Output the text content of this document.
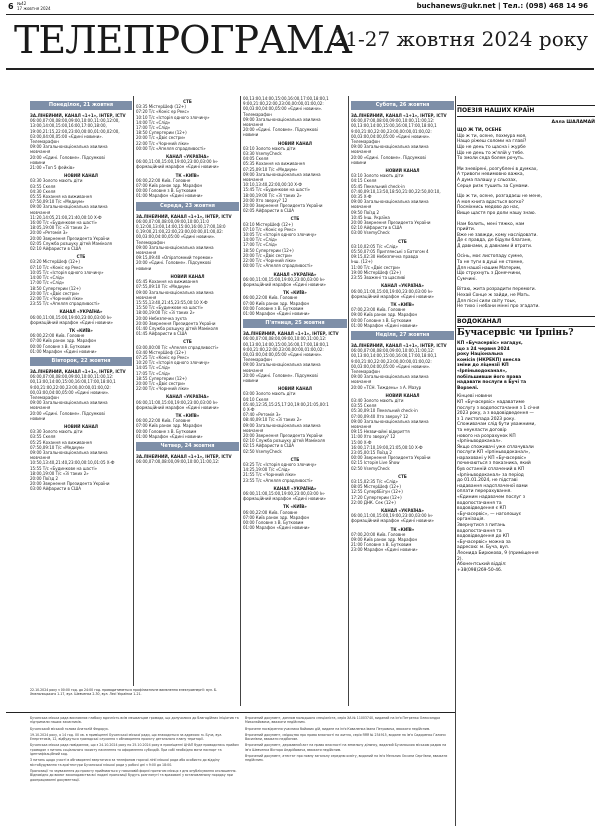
6 №42
17 жовтня 2024	buchanews@ukr.net | Тел.: (098) 468 14 96
ТЕЛЕПРОГРАМА
21-27 жовтня 2024 року
Понеділок, 21 жовтня
ЗА.ЛІНЕЙНИЙ, КАНАЛ «1+1», ІНТЕР, ICTV
06:00,07:00,08:00,09:00,10:00,11:00,12:00,
13:00,14:00,15:00,16:00,17:00,18:00,
19:00,21:15,22:00,23:00,00:00,01:00,02:00,
03:00,04:00,05:00 «Єдині новини».
Телемарафон
09:00 Загальнонаціональна хвилина
мовчання
20:00 «Єдині. Головне». Підсумкові
новини
21:00 «Топ 5 фейків»
НОВИЙ КАНАЛ
03:30 Золото мають діти
03:55 Скеля
04:30 Скеля
05:55 Кохання на виживання
07:50,09:10 Т/с «Медиум»
09:00 Загальнонаціональна хвилина
мовчання
11:20,14:05,21:00,21:40,00:10 Х-Ф
16:00 Т/с «Будинкове на шасті»
18:05,19:00 Т/с «Зі таких 2»
20:00 «Ретомія 3»
20:00 Звернення Президента України
02:05 Служба розшуку дітей Маміколя
02:10 Айфаристи в США
СТБ
03:20 МістерШеф (12+)
07:10 Т/с «Коніс ер Рекс»
10:05 Т/с «Історія одного злочину»
14:00 Т/с «Слід»
17:00 Т/с «Слід»
18:50 Супергерии (12+)
20:00 Т/с «Двіє сестри»
22:00 Т/с «Чорнний ліки»
23:55 Т/с «Апелля спрадливості»
КАНАЛ «УКРАЇНА»
06:00,11:00,15:00,19:00,23:00,03:00 Ін-
формаційний марафон «Єдині новини»
ТК «КИЇВ»
06:00,22:00 Київ. Головне
07:00 Київ ранок здр. Марафон
00:00 Головне з В. Бутковим
01:00 Марафон «Єдині новини»
Вівторок, 22 жовтня
ЗА.ЛІНЕЙНИЙ, КАНАЛ «1+1», ІНТЕР, ICTV
06:00,07:00,08:00,09:00,10:00,11:00,12:
00,13:00,14:00,15:00,16:00,17:00,18:00,1
9:00,21:00,22:00,23:00,00:00,01:00,02:
00,03:00,04:00,05:00 «Єдині новини».
Телемарафон
09:00 Загальнонаціональна хвилина
мовчання
20:00 «Єдині. Головне». Підсумкові
новини
НОВИЙ КАНАЛ
03:30 Золото мають діти
03:55 Скеля
05:25 Кохання на виживання
07:50,09:10 Т/с «Медиум»
09:00 Загальнонаціональна хвилина
мовчання
10:50,13:40,21:40,23:00,00:10,01:05 Х-Ф
15:55 Т/с «Будинкове на шасті»
18:00,19:00 Т/с «Зі таких 2»
20:00 Поїзд 2
20:00 Звернення Президента України
03:00 Айфаристи в США
22.10.2024 року з 00:00 год. до 24:00 год. проводитиметься профілактичне вимкнення електроенергії: вул. Б. Хмельницького 1-17, вул. Шевченка 2-30, вул. Лесі Українки 1-21.
СТБ
03:35 МістерШеф (12+)
07:20 Т/с «Коніс ер Рекс»
10:10 Т/с «Історія одного злочину»
14:00 Т/с «Слід»
17:00 Т/с «Слід»
18:50 Супергерии (12+)
20:00 Т/с «Двіє сестри»
22:00 Т/с «Чорнний ліки»
00:00 Т/с «Апелля спрадливості»
КАНАЛ «УКРАЇНА»
06:00,11:00,15:00,19:00,23:00,03:00 Ін-
формаційний марафон «Єдині новини»
ТК «КИЇВ»
06:00,22:00 Київ. Головне
07:00 Київ ранок здр. Марафон
00:00 Головне з В. Бутковим
01:00 Марафон «Єдині новини»
Середа, 23 жовтня
ЗА.ЛІНЕЙНИЙ, КАНАЛ «1+1», ІНТЕР, ICTV
06:00,07:00,08:00,09:00,10:00,11:0
0,12:00,13:00,14:00,15:00,16:00,17:00,18:0
0,19:00,21:00,22:00,23:00,00:00,01:00,02:
00,03:00,04:00,05:00 «Єдині новини».
Телемарафон
09:00 Загальнонаціональна хвилина
мовчання
09:15,09:40 «Опіратомний теремок»
20:00 «Єдині. Головне». Підсумкові
новини
НОВИЙ КАНАЛ
05:45 Кохання на виживання
07:55,09:10 Т/с «Медиум»
09:00 Загальнонаціональна хвилина
мовчання
15:55,13:40,21:45,23:55,00:10 Х-Ф
15:50 Т/с «Будинкове на шасті»
18:00,19:00 Т/с «Зі таких 2»
20:00 Небезпечна зухта
20:00 Звернення Президента України
01:40 Служба розшуку дітей Маміколя
01:45 Айфаристи в США
СТБ
03:00,00:00 Т/с «Апелля спрадливості»
03:40 МістерШеф (12+)
07:25 Т/с «Коніс ер Рекс»
10:20 Т/с «Історія одного злочину»
14:05 Т/с «Слід»
17:05 Т/с «Слід»
18:55 Супергерии (12+)
20:00 Т/с «Двіє сестри»
22:00 Т/с «Чорнний ліки»
КАНАЛ «УКРАЇНА»
06:00,11:00,15:00,19:00,23:00,03:00 Ін-
формаційний марафон «Єдині новини»
ТК «КИЇВ»
06:00,22:00 Київ. Головне
07:00 Київ ранок здр. Марафон
00:00 Головне з В. Бутковим
01:00 Марафон «Єдині новини»
Четвер, 24 жовтня
ЗА.ЛІНЕЙНИЙ, КАНАЛ «1+1», ІНТЕР, ICTV
06:00,07:00,08:00,09:00,10:00,11:00,12:
00,13:00,14:00,15:00,16:00,17:00,18:00,1
9:00,21:00,22:00,23:00,00:00,01:00,02:
00,03:00,04:00,05:00 «Єдині новини».
Телемарафон
09:00 Загальнонаціональна хвилина
мовчання
20:00 «Єдині. Головне». Підсумкові
новини
НОВИЙ КАНАЛ
03:10 Золото мають діти
03:30 VsemyCheck
04:05 Скеля
05:35 Кохання на виживання
07:25,09:10 Т/с «Медиум»
09:00 Загальнонаціональна хвилина
мовчання
10:10,13:40,22:00,00:10 Х-Ф
15:45 Т/с «Будинкове на шасті»
18:00,19:00 Т/с «Зі таких 2»
20:00 Хто зверху? 12
20:00 Звернення Президента України
02:05 Айфаристи в США
СТБ
03:10 МістерШеф (12+)
07:10 Т/с «Коніс ер Рекс»
10:05 Т/с «Історія одного злочину»
14:00 Т/с «Слід»
17:00 Т/с «Слід»
18:50 Супергерии (12+)
20:00 Т/с «Двіє сестри»
22:00 Т/с «Чорнний ліки»
00:00 Т/с «Апелля спрадливості»
КАНАЛ «УКРАЇНА»
06:00,11:00,15:00,19:00,23:00,03:00 Ін-
формаційний марафон «Єдині новини»
ТК «КИЇВ»
06:00,22:00 Київ. Головне
07:00 Київ ранок здр. Марафон
00:00 Головне з В. Бутковим
01:00 Марафон «Єдині новини»
П'ятниця, 25 жовтня
ЗА.ЛІНЕЙНИЙ, КАНАЛ «1+1», ІНТЕР, ICTV
06:00,07:00,08:00,09:00,10:00,11:00,12:
00,13:00,14:00,15:00,16:00,17:00,18:00,1
9:00,21:00,22:00,23:00,00:00,01:00,02:
00,03:00,04:00,05:00 «Єдині новини».
Телемарафон
09:00 Загальнонаціональна хвилина
мовчання
20:00 «Єдині. Головне». Підсумкові
новини
НОВИЙ КАНАЛ
03:00 Золото мають діти
04:10 Скеля
05:40,12:35,15:25,17:20,19:00,21:05,00:1
0 Х-Ф
07:40 «Ретомія 3»
08:40,09:10 Т/с «Зі таких 2»
09:00 Загальнонаціональна хвилина
мовчання
20:00 Звернення Президента України
02:10 Служба розшуку дітей Маміколя
02:15 Айфаристи в США
02:50 VsemyCheck
СТБ
03:25 Т/с «Історія одного злочину»
14:25,19:00 Т/с «Слід»
21:55 Т/с «Чорнний ліки»
23:55 Т/с «Апелля спрадливості»
КАНАЛ «УКРАЇНА»
06:00,11:00,15:00,19:00,23:00,03:00 Ін-
формаційний марафон «Єдині новини»
ТК «КИЇВ»
06:00,22:00 Київ. Головне
07:00 Київ ранок здр. Марафон
00:00 Головне з В. Бутковим
01:00 Марафон «Єдині новини»
Субота, 26 жовтня
ЗА.ЛІНЕЙНИЙ, КАНАЛ «1+1», ІНТЕР, ICTV
06:00,07:00,08:00,09:00,10:00,11:00,12:
00,13:00,14:00,15:00,16:00,17:00,18:00,1
9:00,21:00,22:00,23:00,00:00,01:00,02:
00,03:00,04:00,05:00 «Єдині новини».
Телемарафон
09:00 Загальнонаціональна хвилина
мовчання
20:00 «Єдині. Головне». Підсумкові
новини
НОВИЙ КАНАЛ
03:10 Золото мають діти
04:15 Скеля
05:45 Пекельний check-in
07:40,09:10,13:50,18:50,21:00,22:50,00:10,
00:35 Х-Ф
09:00 Загальнонаціональна хвилина
мовчання
09:50 Поїзд 2
10:45 Інш. Україна
20:00 Звернення Президента України
02:10 Айфаристи в США
03:00 VsemyCheck
СТБ
03:10,02:05 Т/с «Слід»
05:50,07:05 Приглянськi з Батогом 4
09:15,02:30 Небезпечна правда
Інш. (12+)
11:00 Т/с «Двіє сестри»
19:00 МістерШеф (12+)
23:55 Зважені та щасливі
КАНАЛ «УКРАЇНА»
06:00,11:00,15:00,19:00,23:00,03:00 Ін-
формаційний марафон «Єдині новини»
ТК «КИЇВ»
07:00,23:00 Київ. Головне
09:00 Київ ранок здр. Марафон
00:00 Головне з В. Бутковим
01:00 Марафон «Єдині новини»
Неділя, 27 жовтня
ЗА.ЛІНЕЙНИЙ, КАНАЛ «1+1», ІНТЕР, ICTV
06:00,07:00,08:00,09:00,10:00,11:00,12:
00,13:00,14:00,15:00,16:00,17:00,18:00,1
9:00,21:00,22:00,23:00,00:00,01:00,02:
00,03:00,04:00,05:00 «Єдині новини».
Телемарафон
09:00 Загальнонаціональна хвилина
мовчання
20:00 «ТСН. Тиждень» з А. Мазур
НОВИЙ КАНАЛ
03:40 Золото мають діти
03:55 Скеля
05:30,09:10 Пекельний check-in
07:00,09:40 Хто зверху? 12
09:00 Загальнонаціональна хвилина
мовчання
09:15 Незвичайні відкриття
11:00 Хто зверху? 12
15:00 Х-Ф
16:00,17:10,19:00,21:05,00:10 Х-Ф
23:05,00:15 Поїзд 2
00:00 Звернення Президента України
02:15 Історія Live Show
02:50 VsemyCheck
СТБ
03:15,02:35 Т/с «Слід»
08:05 МістерШеф (12+)
12:55 СупербБігун (12+)
17:20 Супергерии (12+)
22:00 ДНК. Сек (12+)
КАНАЛ «УКРАЇНА»
06:00,11:00,15:00,19:00,23:00,03:00 Ін-
формаційний марафон «Єдині новини»
ТК «КИЇВ»
07:00,20:00 Київ. Головне
09:00 Київ ранок здр. Марафон
21:00 Головне з В. Бутковим
23:00 Марафон «Єдині новини»
ПОЕЗІЯ НАШИХ КРАЇН
Алла ШАЛАМАЙ
ЩО Ж ТИ, ОСЕНЕ
Що ж ти, осене, похмура моя,
Нащо ріжеш соломи на главі?
Що не день то щасна і журбе
Що не день то ж'ялій у тебе.
То змоли седа болем рочуть.
Ми зневірені, розгублені в думках,
А тривоги невимовно важка,
А дума палашу у сльозах,
Серце ризк тушить за Сумами.
Що ж ти, осене, розгадаєш не мене,
А моя книга вдасться вогко?
Посміхнись медово до нас,
Вище щастя про доли нашу знаю.
Нам болить, мені тяжко, нам
прийти.
Вже не завжди, кому наслідовати.
Де є правда, де бідули благане,
Д давнами, д давнами й втрати.
Осінь, моє листопаду сумне,
Та не туги в душі не стомне,
Для нашої нашим Материм,
Що струхнуть з Донеччини,
Сумчині.
Вітаю, жита розрадити перемоги.
Нехай Сонце ж зайди, не Мать.
Для пісні сили світу тоьк,
Не тихо і небани мінні про згадати.
ВОДОКАНАЛ
Бучасервіс чи Ірпінь?
КП «Бучасервіс» нагадує,
що з 24 червня 2024
року Національна
комісія (НКРЕКП) внесла
зміни до ліцензії КП
«Ірпіньводоканал»,
побільшивши його права
надавати послуги в Бучі та
Ворзелі.
Кінцеві новини
КП «Бучасервіс» надаватиме
послугу з водопостачання з 1 січня
2023 року, а з водовідведення —
з 1 листопада 2023 року.
Споживачам слід бути уважними,
та неукласти договір
нового на розрахунок КП
«Ірпіньводоканал».
Якщо споживачі уже сплачували
послуги КП «Ірпіньводоканал»,
нараховані у КП «Бучасервіс»
починаються з показника, який
був останній сплачений в КП
«Ірпіньводоканал» за період
до 01.01.2024, не підставі
надавання надсплаченої вами
оплати перерахування.
«Єдиним надавачем послуг з
водопостачання та
водовідведення є КП
«Бучасервіс», — наголошує
організація.
Звернутися з питань
водопостачання та
водовідведення до КП
«Бучасервіс» можна за
адресою: м. Буча, вул.
Леонида Бирюкова, 9 (приміщення
2).
Абонентський відділ:
+38(098)269-50-46.

Бучанська міська рада висловлює глибоку вдячність всім мешканцям громади, що долучилися до благодійних ініціатив та підтримали наших захисників.

Бучанський міський голова Анатолій Федорук.

19.10.2024 року, о 14 год. 00 хв. в приміщенні Бучанської міської ради, що знаходиться за адресою: м. Буча, вул. Енергетиків, 12, відбудуться громадські слухання з обговорення проєкту детального плану території.

Бучанська міська рада повідомляє, що з 24.10.2024 року по 25.10.2024 року в приміщенні ЦНАП буде проводитись прийом громадян з питань соціального захисту населення та оформлення субсидій. При собі необхідно мати паспорт та ідентифікаційний код.

З питань щодо участі в обговоренні звертатися за телефоном гарячої лінії міської ради або особисто до відділу містобудування та архітектури Бучанської міської ради у робочі дні з 9:00 до 18:00.

Пропозиції та зауваження до проєкту приймаються у письмовій формі протягом місяця з дня опублікування оголошення. Відповідно до вимог законодавства всі подані пропозиції будуть розглянуті та враховані у встановленому порядку при доопрацюванні документації.

Втрачений документ, диплом молодшого спеціаліста, серія ХА № 11003740, виданий на ім'я Петренко Олександра Миколайовича, вважати недійсним.

Втрачене посвідчення учасника бойових дій, видане на ім'я Коваленка Івана Петровича, вважати недійсним.

Втрачений документ, свідоцтво про право власності на житло, серія ЯЯЯ № 234915, видане на ім'я Сидоренко Галини Василівни, вважати недійсним.

Втрачений документ, державний акт на право власності на земельну ділянку, виданий Бучанською міською радою на ім'я Шевченка Віктора Андрійовича, вважати недійсним.

Втрачений документ, атестат про повну загальну середню освіту, виданий на ім'я Мельник Оксани Сергіївни, вважати недійсним.
